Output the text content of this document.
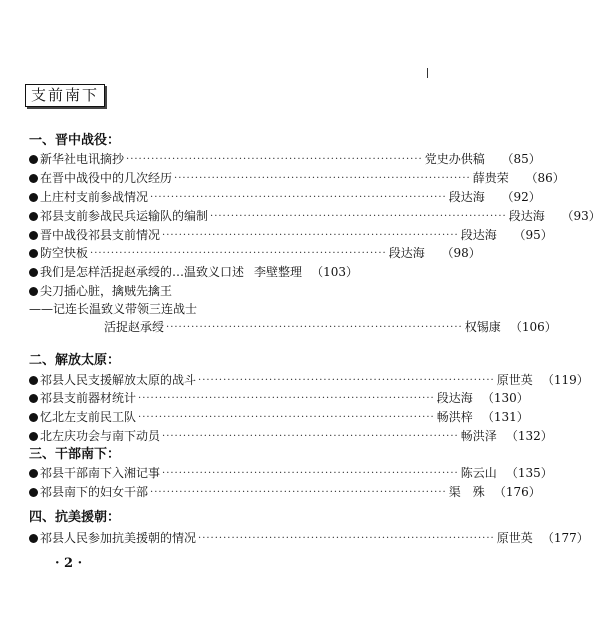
支前南下
一、晋中战役：
新华社电讯摘抄 ······································································· 党史办供稿	（85）
在晋中战役中的几次经历 ······································································· 薛贵荣	（86）
上庄村支前参战情况 ······································································· 段达海	（92）
祁县支前参战民兵运输队的编制 ······································································· 段达海	（93）
晋中战役祁县支前情况 ······································································· 段达海	（95）
防空快板 ······································································· 段达海	（98）
我们是怎样活捉赵承绶的…温致义口述 李壁整理 （103）
尖刀插心脏，擒贼先擒王
——记连长温致义带领三连战士
活捉赵承绶 ······································································· 权锡康 （106）
二、解放太原：
祁县人民支援解放太原的战斗 ······································································· 原世英 （119）
祁县支前器材统计 ······································································· 段达海 （130）
忆北左支前民工队 ······································································· 畅洪梓 （131）
北左庆功会与南下动员 ······································································· 畅洪泽 （132）
三、干部南下：
祁县干部南下入湘记事 ······································································· 陈云山 （135）
祁县南下的妇女干部 ······································································· 渠　殊 （176）
四、抗美援朝：
祁县人民参加抗美援朝的情况 ······································································· 原世英 （177）
· 2 ·
